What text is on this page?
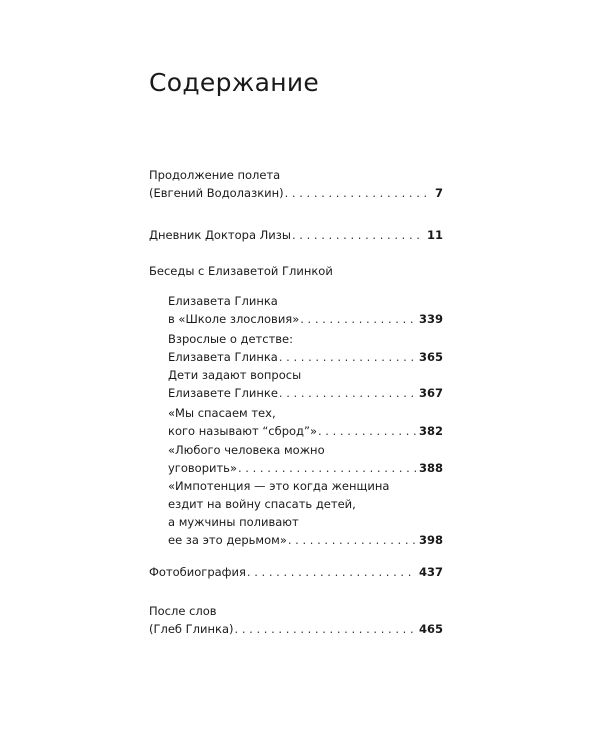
Содержание
Продолжение полета
(Евгений Водолазкин) . . .	7
Дневник Доктора Лизы . . .	11
Беседы с Елизаветой Глинкой
Елизавета Глинка
в «Школе злословия» . . .	339
Взрослые о детстве:
Елизавета Глинка . . .	365
Дети задают вопросы
Елизавете Глинке . . .	367
«Мы спасаем тех,
кого называют “сброд”» . . .	382
«Любого человека можно
уговорить» . . .	388
«Импотенция — это когда женщина
ездит на войну спасать детей,
а мужчины поливают
ее за это дерьмом» . . .	398
Фотобиография . . .	437
После слов
(Глеб Глинка) . . .	465
